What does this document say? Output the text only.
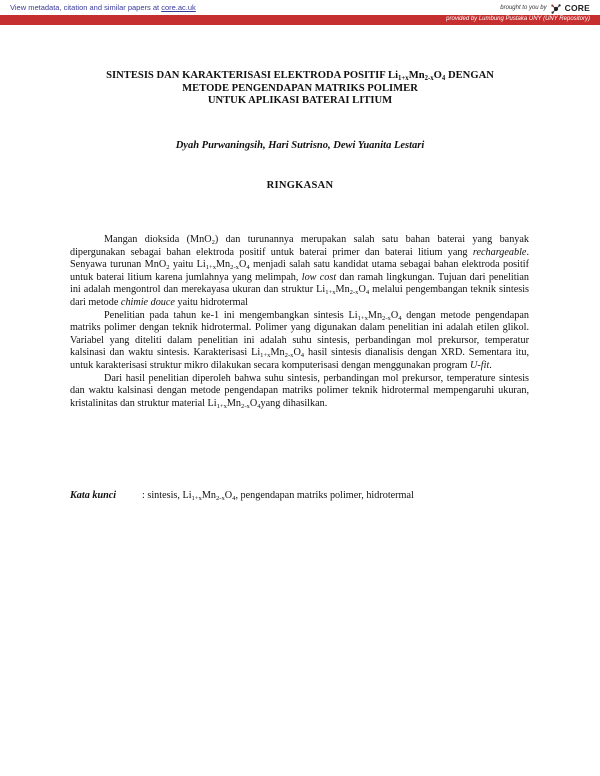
View metadata, citation and similar papers at core.ac.uk	brought to you by CORE
provided by Lumbung Pustaka UNY (UNY Repository)
SINTESIS DAN KARAKTERISASI ELEKTRODA POSITIF $Li_{1+x}Mn_{2-x}O_4$ DENGAN
METODE PENGENDAPAN MATRIKS POLIMER
UNTUK APLIKASI BATERAI LITIUM
Dyah Purwaningsih, Hari Sutrisno, Dewi Yuanita Lestari
RINGKASAN

Mangan dioksida (MnO$_2$) dan turunannya merupakan salah satu bahan baterai yang banyak dipergunakan sebagai bahan elektroda positif untuk baterai primer dan baterai litium yang rechargeable. Senyawa turunan MnO$_2$ yaitu $Li_{1+x}Mn_{2-x}O_4$ menjadi salah satu kandidat utama sebagai bahan elektroda positif untuk baterai litium karena jumlahnya yang melimpah, low cost dan ramah lingkungan. Tujuan dari penelitian ini adalah mengontrol dan merekayasa ukuran dan struktur $Li_{1+x}Mn_{2-x}O_4$ melalui pengembangan teknik sintesis dari metode chimie douce yaitu hidrotermal

Penelitian pada tahun ke-1 ini mengembangkan sintesis $Li_{1+x}Mn_{2-x}O_4$ dengan metode pengendapan matriks polimer dengan teknik hidrotermal. Polimer yang digunakan dalam penelitian ini adalah etilen glikol. Variabel yang diteliti dalam penelitian ini adalah suhu sintesis, perbandingan mol prekursor, temperatur kalsinasi dan waktu sintesis. Karakterisasi $Li_{1+x}Mn_{2-x}O_4$ hasil sintesis dianalisis dengan XRD. Sementara itu, untuk karakterisasi struktur mikro dilakukan secara komputerisasi dengan menggunakan program U-fit.

Dari hasil penelitian diperoleh bahwa suhu sintesis, perbandingan mol prekursor, temperature sintesis dan waktu kalsinasi dengan metode pengendapan matriks polimer teknik hidrotermal mempengaruhi ukuran, kristalinitas dan struktur material $Li_{1+x}Mn_{2-x}O_4yang$ dihasilkan.

Kata kunci	: sintesis, $Li_{1+x}Mn_{2-x}O_4$, pengendapan matriks polimer, hidrotermal
